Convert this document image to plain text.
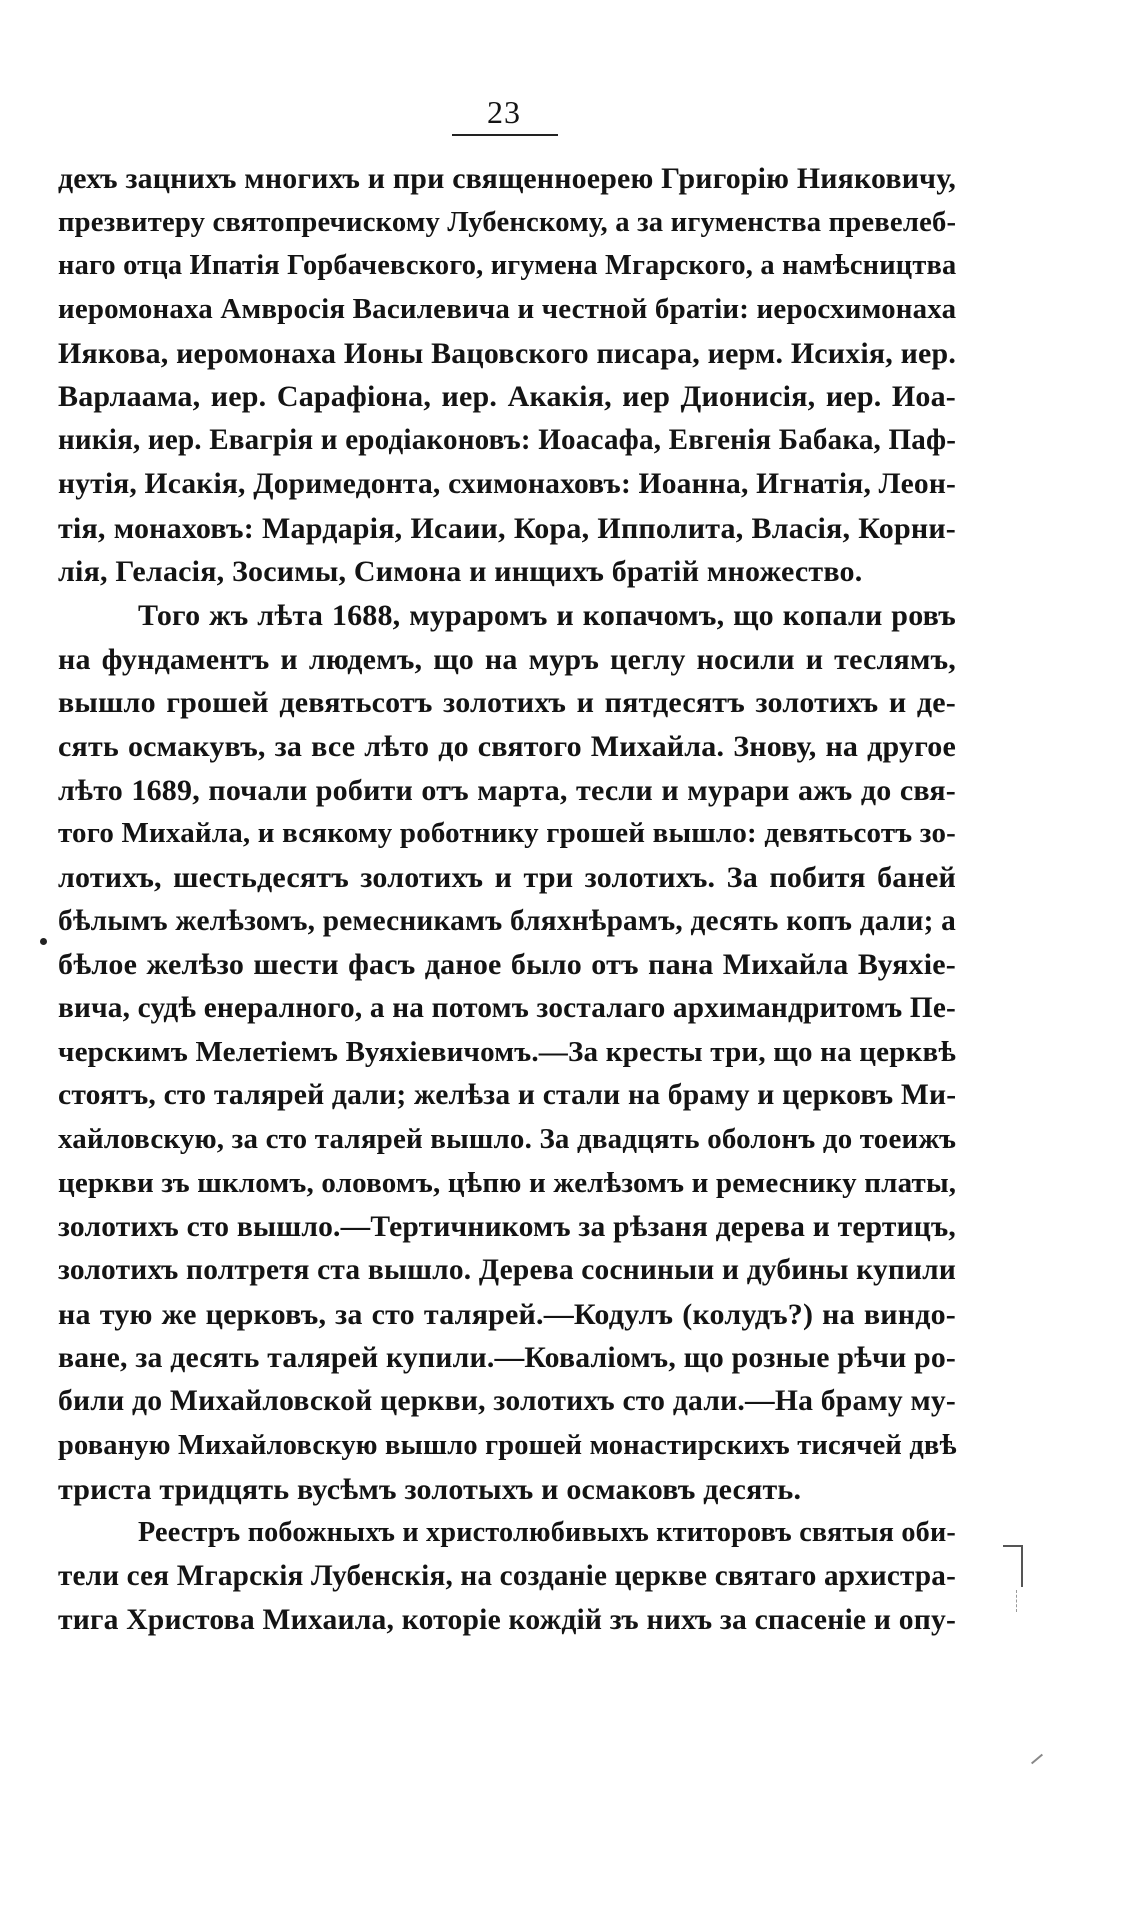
23
дехъ зацнихъ многихъ и при священноерею Григорію Нияковичу,
презвитеру святопречискому Лубенскому, а за игуменства превелеб-
наго отца Ипатія Горбачевского, игумена Мгарского, а намѣсництва
иеромонаха Амвросія Василевича и честной братіи: иеросхимонаха
Иякова, иеромонаха Ионы Вацовского писара, иерм. Исихія, иер.
Варлаама, иер. Сарафіона, иер. Акакія, иер Дионисія, иер. Иоа-
никія, иер. Евагрія и еродіаконовъ: Иоасафа, Евгенія Бабака, Паф-
нутія, Исакія, Доримедонта, схимонаховъ: Иоанна, Игнатія, Леон-
тія, монаховъ: Мардарія, Исаии, Кора, Ипполита, Власія, Корни-
лія, Геласія, Зосимы, Симона и инщихъ братій множество.
Того жъ лѣта 1688, мурарoмъ и копачомъ, що копали ровъ
на фундаментъ и людемъ, що на муръ цеглу носили и теслямъ,
вышло грошей девятьсотъ золотихъ и пятдесятъ золотихъ и де-
сять осмакувъ, за все лѣто до святого Михайла. Знову, на другое
лѣто 1689, почали робити отъ марта, тесли и мурари ажъ до свя-
того Михайла, и всякому роботнику грошей вышло: девятьсотъ зо-
лотихъ, шестьдесятъ золотихъ и три золотихъ. За побитя баней
бѣлымъ желѣзомъ, ремесникамъ бляхнѣрамъ, десять копъ дали; а
бѣлое желѣзо шести фасъ даное было отъ пана Михайла Вуяхіе-
вича, судѣ енералного, а на потомъ зосталаго архимандритомъ Пе-
черскимъ Мелетіемъ Вуяхіевичомъ.—За кресты три, що на церквѣ
стоятъ, сто талярей дали; желѣза и стали на браму и церковъ Ми-
хайловскую, за сто талярей вышло. За двадцять оболонъ до тоеижъ
церкви зъ шкломъ, оловомъ, цѣпю и желѣзомъ и ремеснику платы,
золотихъ сто вышло.—Тертичникомъ за рѣзаня дерева и тертицъ,
золотихъ полтретя ста вышло. Дерева сосниныи и дубины купили
на тую же церковъ, за сто талярей.—Кодулъ (колудъ?) на виндо-
ване, за десять талярей купили.—Ковалiомъ, що розные рѣчи ро-
били до Михайловской церкви, золотихъ сто дали.—На браму му-
рованую Михайловскую вышло грошей монастирскихъ тисячей двѣ
триста тридцять вусѣмъ золотыхъ и осмаковъ десять.
Реестръ побожныхъ и христолюбивыхъ ктиторовъ святыя оби-
тели сея Мгарскія Лубенскія, на созданіе церкве святаго архистра-
тига Христова Михаила, которіе кождій зъ нихъ за спасеніе и опу-
